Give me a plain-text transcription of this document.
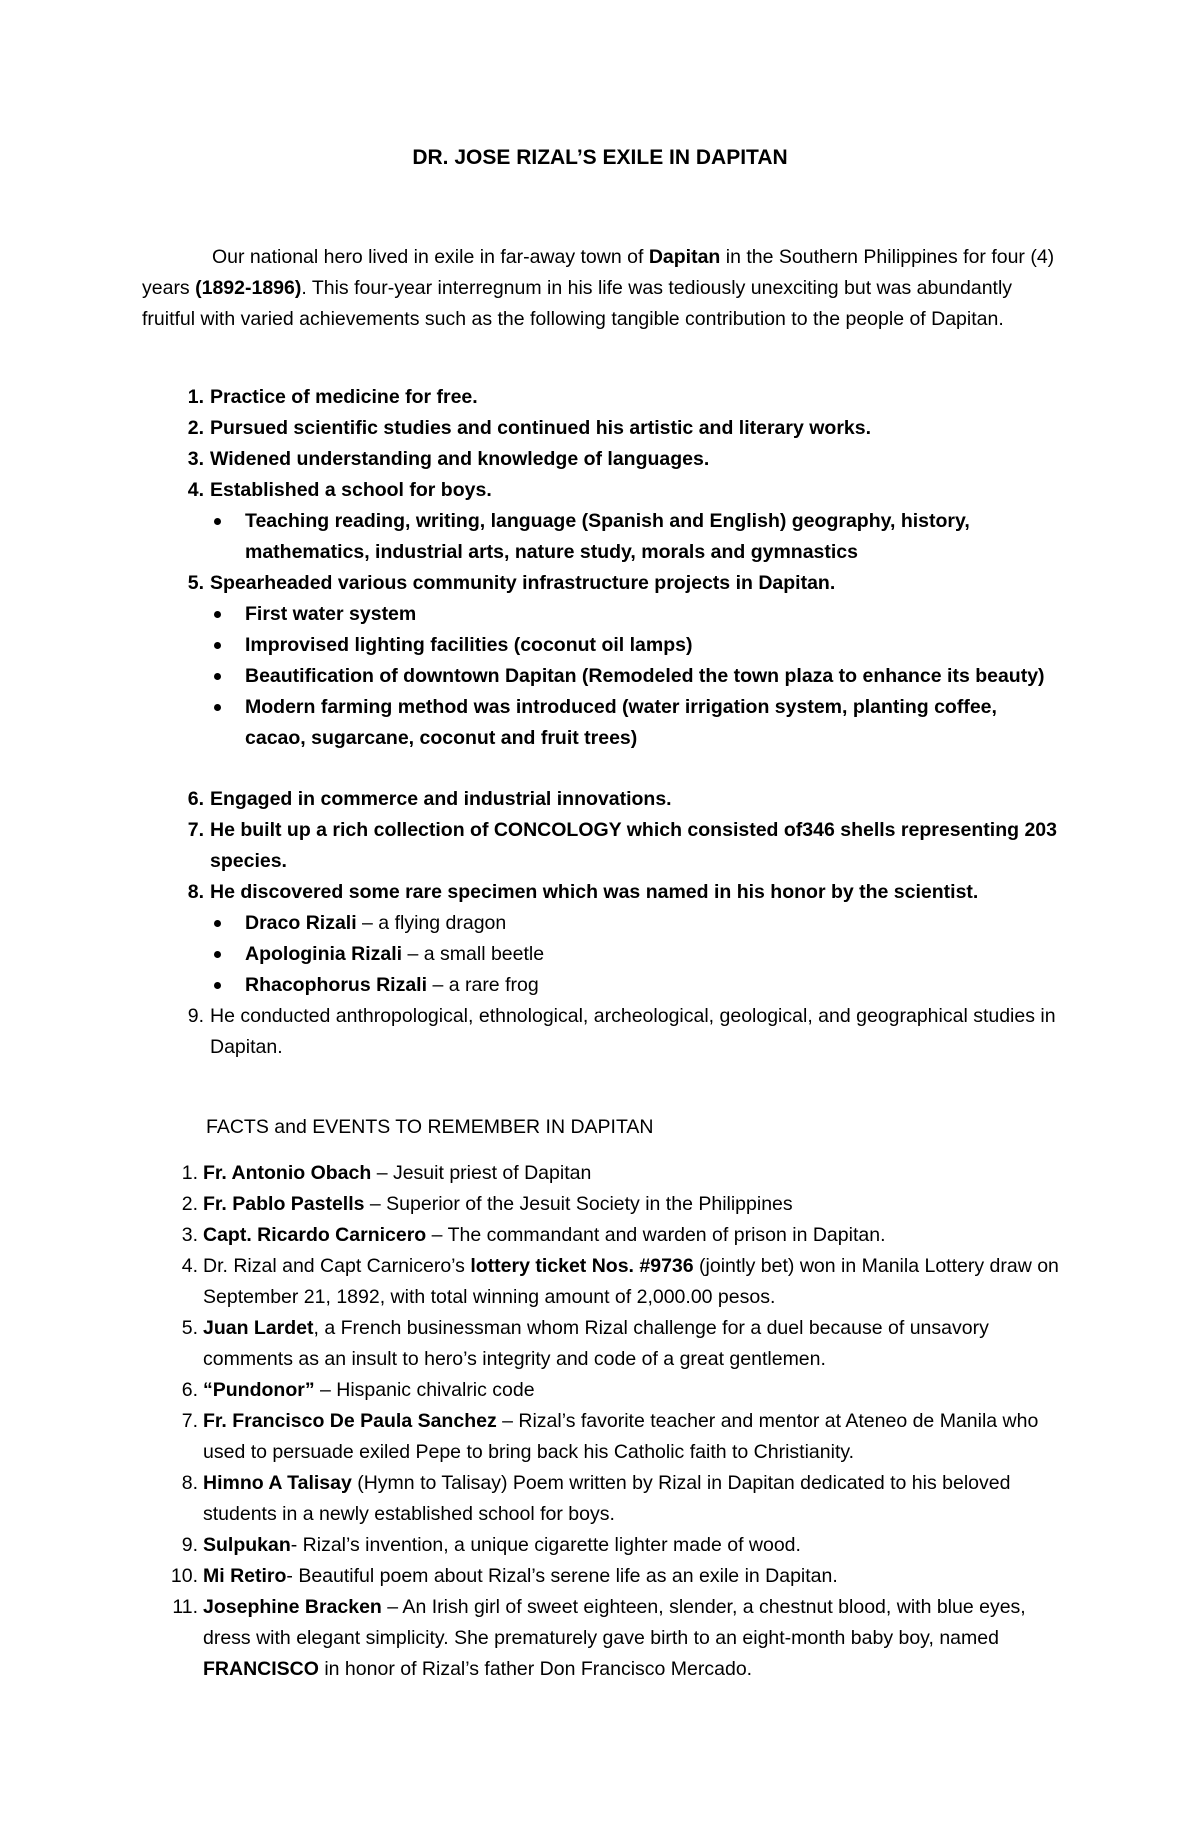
DR. JOSE RIZAL’S EXILE IN DAPITAN

Our national hero lived in exile in far-away town of Dapitan in the Southern Philippines for four (4) years (1892-1896). This four-year interregnum in his life was tediously unexciting but was abundantly fruitful with varied achievements such as the following tangible contribution to the people of Dapitan.

1. Practice of medicine for free.
2. Pursued scientific studies and continued his artistic and literary works.
3. Widened understanding and knowledge of languages.
4. Established a school for boys.
Teaching reading, writing, language (Spanish and English) geography, history, mathematics, industrial arts, nature study, morals and gymnastics
5. Spearheaded various community infrastructure projects in Dapitan.
First water system
Improvised lighting facilities (coconut oil lamps)
Beautification of downtown Dapitan (Remodeled the town plaza to enhance its beauty)
Modern farming method was introduced (water irrigation system, planting coffee, cacao, sugarcane, coconut and fruit trees)
6. Engaged in commerce and industrial innovations.
7. He built up a rich collection of CONCOLOGY which consisted of346 shells representing 203 species.
8. He discovered some rare specimen which was named in his honor by the scientist.
Draco Rizali – a flying dragon
Apologinia Rizali – a small beetle
Rhacophorus Rizali – a rare frog
9. He conducted anthropological, ethnological, archeological, geological, and geographical studies in Dapitan.

FACTS and EVENTS TO REMEMBER IN DAPITAN

1. Fr. Antonio Obach – Jesuit priest of Dapitan
2. Fr. Pablo Pastells – Superior of the Jesuit Society in the Philippines
3. Capt. Ricardo Carnicero – The commandant and warden of prison in Dapitan.
4. Dr. Rizal and Capt Carnicero’s lottery ticket Nos. #9736 (jointly bet) won in Manila Lottery draw on September 21, 1892, with total winning amount of 2,000.00 pesos.
5. Juan Lardet, a French businessman whom Rizal challenge for a duel because of unsavory comments as an insult to hero’s integrity and code of a great gentlemen.
6. “Pundonor” – Hispanic chivalric code
7. Fr. Francisco De Paula Sanchez – Rizal’s favorite teacher and mentor at Ateneo de Manila who used to persuade exiled Pepe to bring back his Catholic faith to Christianity.
8. Himno A Talisay (Hymn to Talisay) Poem written by Rizal in Dapitan dedicated to his beloved students in a newly established school for boys.
9. Sulpukan- Rizal’s invention, a unique cigarette lighter made of wood.
10. Mi Retiro- Beautiful poem about Rizal’s serene life as an exile in Dapitan.
11. Josephine Bracken – An Irish girl of sweet eighteen, slender, a chestnut blood, with blue eyes, dress with elegant simplicity. She prematurely gave birth to an eight-month baby boy, named FRANCISCO in honor of Rizal’s father Don Francisco Mercado.
